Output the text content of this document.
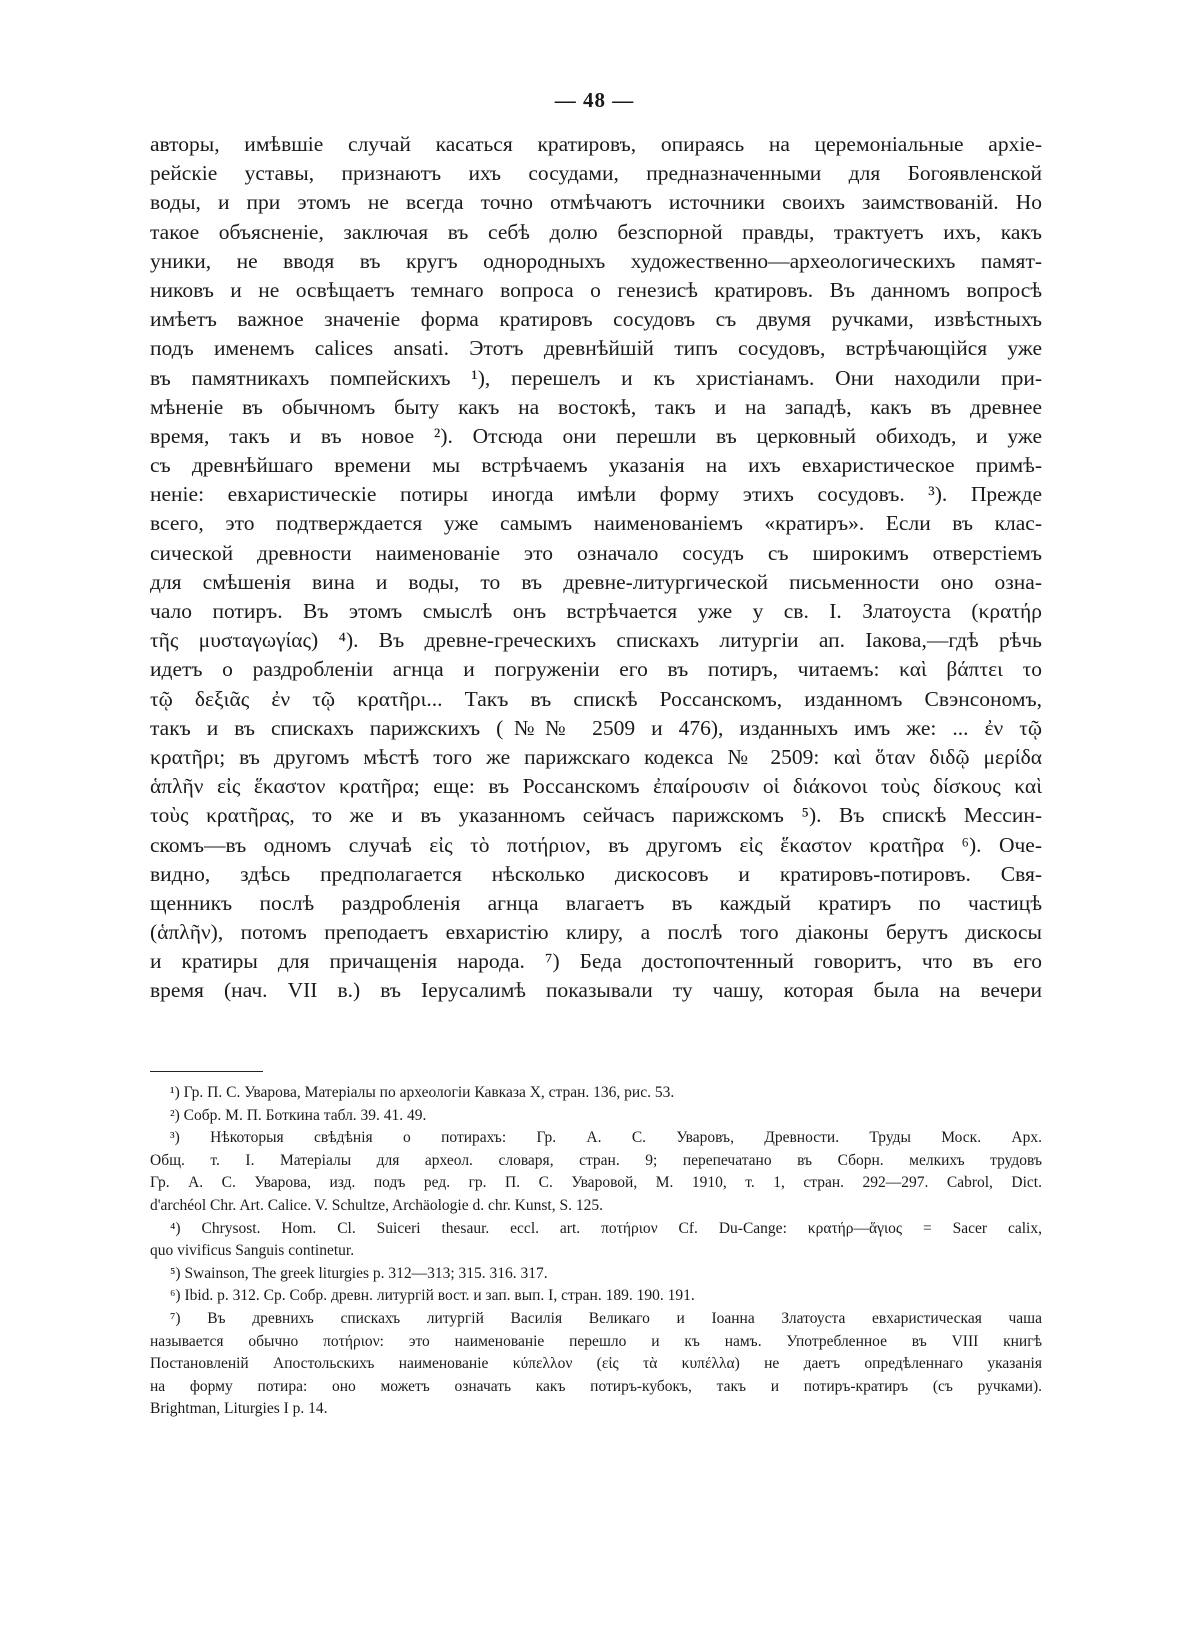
— 48 —
авторы, имѣвшіе случай касаться кратировъ, опираясь на церемоніальные архіе-
рейскіе уставы, признаютъ ихъ сосудами, предназначенными для Богоявленской
воды, и при этомъ не всегда точно отмѣчаютъ источники своихъ заимствованій. Но
такое объясненіе, заключая въ себѣ долю безспорной правды, трактуетъ ихъ, какъ
уники, не вводя въ кругъ однородныхъ художественно—археологическихъ памят-
никовъ и не освѣщаетъ темнаго вопроса о генезисѣ кратировъ. Въ данномъ вопросѣ
имѣетъ важное значеніе форма кратировъ сосудовъ съ двумя ручками, извѣстныхъ
подъ именемъ calices ansati. Этотъ древнѣйшій типъ сосудовъ, встрѣчающійся уже
въ памятникахъ помпейскихъ ¹), перешелъ и къ христіанамъ. Они находили при-
мѣненіе въ обычномъ быту какъ на востокѣ, такъ и на западѣ, какъ въ древнее
время, такъ и въ новое ²). Отсюда они перешли въ церковный обиходъ, и уже
съ древнѣйшаго времени мы встрѣчаемъ указанія на ихъ евхаристическое примѣ-
неніе: евхаристическіе потиры иногда имѣли форму этихъ сосудовъ. ³). Прежде
всего, это подтверждается уже самымъ наименованіемъ «кратиръ». Если въ клас-
сической древности наименованіе это означало сосудъ съ широкимъ отверстіемъ
для смѣшенія вина и воды, то въ древне-литургической письменности оно озна-
чало потиръ. Въ этомъ смыслѣ онъ встрѣчается уже у св. І. Златоуста (κρατήρ
τῆς μυσταγωγίας) ⁴). Въ древне-греческихъ спискахъ литургіи ап. Іакова,—гдѣ рѣчь
идетъ о раздробленіи агнца и погруженіи его въ потиръ, читаемъ: καὶ βάπτει το
τῷ δεξιᾶς ἐν τῷ κρατῆρι... Такъ въ спискѣ Россанскомъ, изданномъ Свэнсономъ,
такъ и въ спискахъ парижскихъ (№№ 2509 и 476), изданныхъ имъ же: ... ἐν τῷ
κρατῆρι; въ другомъ мѣстѣ того же парижскаго кодекса № 2509: καὶ ὅταν διδῷ μερίδα
ἁπλῆν εἰς ἕκαστον κρατῆρα; еще: въ Россанскомъ ἐπαίρουσιν οἱ διάκονοι τοὺς δίσκους καὶ
τοὺς κρατῆρας, то же и въ указанномъ сейчасъ парижскомъ ⁵). Въ спискѣ Мессин-
скомъ—въ одномъ случаѣ εἰς τὸ ποτήριον, въ другомъ εἰς ἕκαστον κρατῆρα ⁶). Оче-
видно, здѣсь предполагается нѣсколько дискосовъ и кратировъ-потировъ. Свя-
щенникъ послѣ раздробленія агнца влагаетъ въ каждый кратиръ по частицѣ
(ἁπλῆν), потомъ преподаетъ евхаристію клиру, а послѣ того діаконы берутъ дискосы
и кратиры для причащенія народа. ⁷) Беда достопочтенный говоритъ, что въ его
время (нач. VII в.) въ Іерусалимѣ показывали ту чашу, которая была на вечери
¹) Гр. П. С. Уварова, Матеріалы по археологіи Кавказа X, стран. 136, рис. 53.
²) Собр. М. П. Боткина табл. 39. 41. 49.
³) Нѣкоторыя свѣдѣнія о потирахъ: Гр. А. С. Уваровъ, Древности. Труды Моск. Арх.
Общ. т. I. Матеріалы для археол. словаря, стран. 9; перепечатано въ Сборн. мелкихъ трудовъ
Гр. А. С. Уварова, изд. подъ ред. гр. П. С. Уваровой, М. 1910, т. 1, стран. 292—297. Cabrol, Dict.
d'archéol Chr. Art. Calice. V. Schultze, Archäologie d. chr. Kunst, S. 125.
⁴) Chrysost. Hom. Cl. Suiceri thesaur. eccl. art. ποτήριον Cf. Du-Cange: κρατήρ—ἅγιος = Sacer calix,
quo vivificus Sanguis continetur.
⁵) Swainson, The greek liturgies p. 312—313; 315. 316. 317.
⁶) Ibid. p. 312. Ср. Собр. древн. литургій вост. и зап. вып. I, стран. 189. 190. 191.
⁷) Въ древнихъ спискахъ литургій Василія Великаго и Іоанна Златоуста евхаристическая чаша
называется обычно ποτήριον: это наименованіе перешло и къ намъ. Употребленное въ VIII книгѣ
Постановленій Апостольскихъ наименованіе κύπελλον (εἰς τὰ κυπέλλα) не даетъ опредѣленнаго указанія
на форму потира: оно можетъ означать какъ потиръ-кубокъ, такъ и потиръ-кратиръ (съ ручками).
Brightman, Liturgies I p. 14.
